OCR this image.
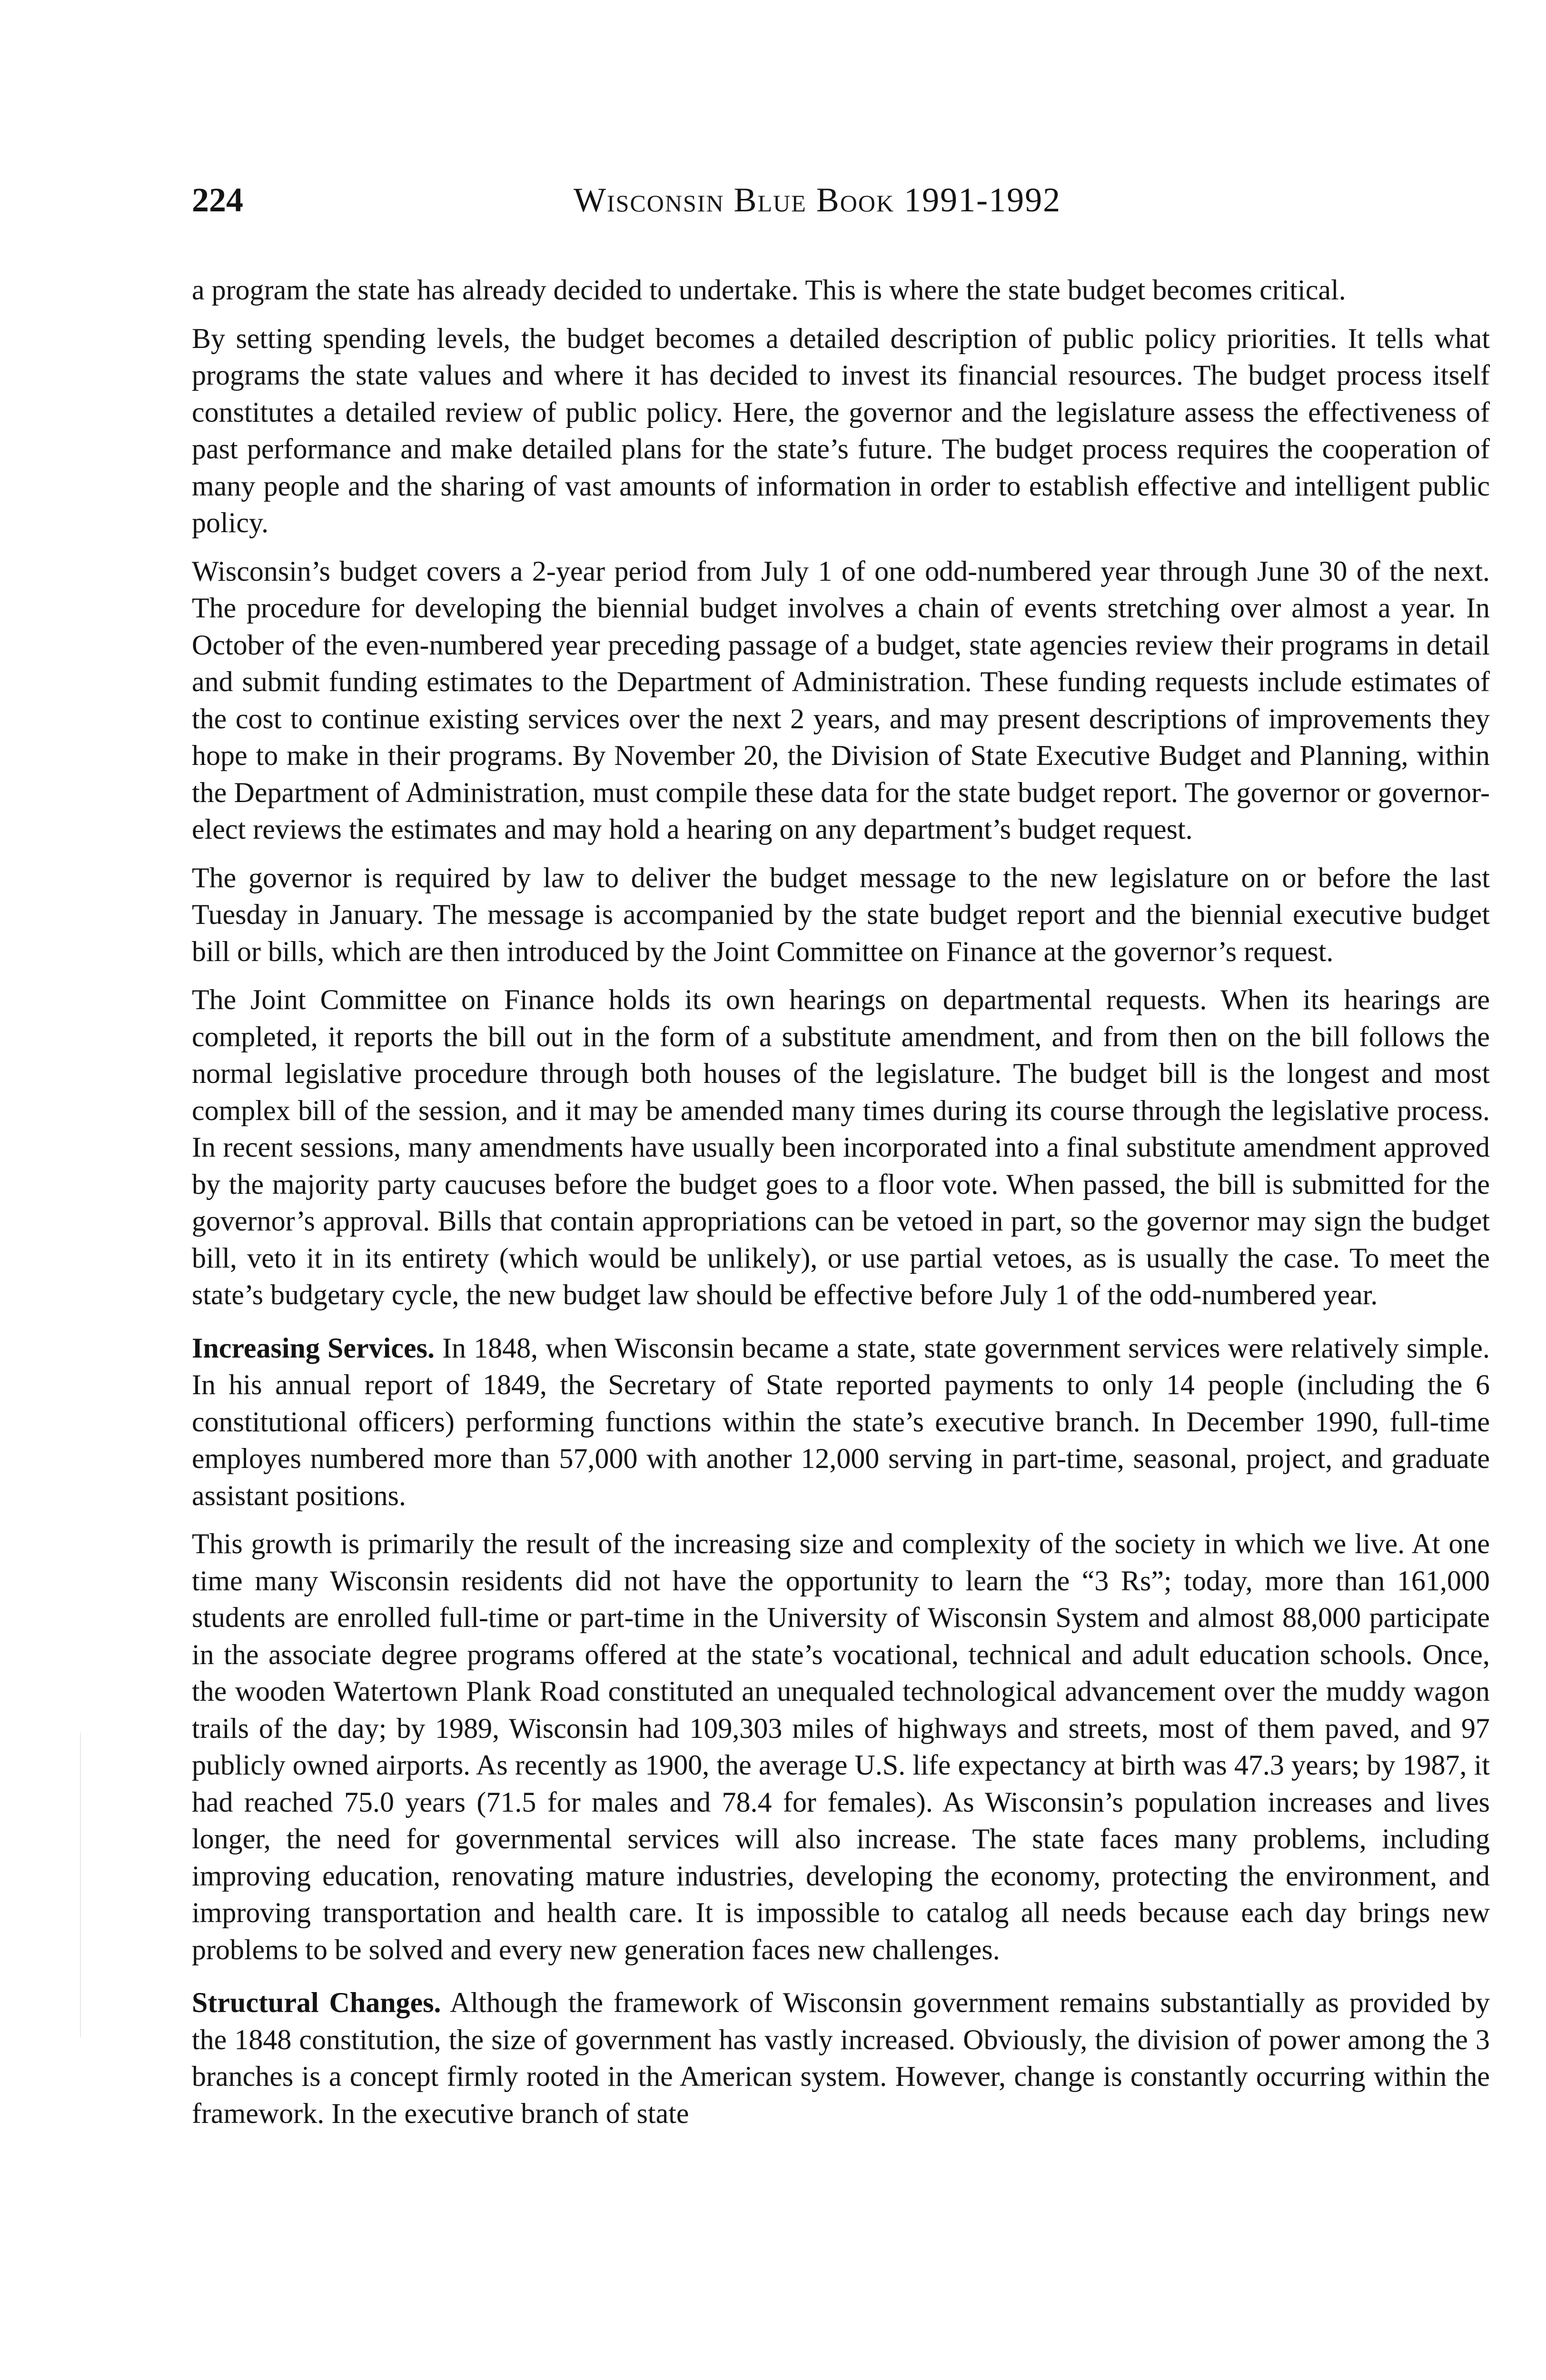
224	Wisconsin Blue Book 1991-1992

a program the state has already decided to undertake. This is where the state budget becomes critical.

By setting spending levels, the budget becomes a detailed description of public policy priorities. It tells what programs the state values and where it has decided to invest its financial resources. The budget process itself constitutes a detailed review of public policy. Here, the governor and the legislature assess the effectiveness of past performance and make detailed plans for the state’s future. The budget process requires the cooperation of many people and the sharing of vast amounts of information in order to establish effective and intelligent public policy.

Wisconsin’s budget covers a 2-year period from July 1 of one odd-numbered year through June 30 of the next. The procedure for developing the biennial budget involves a chain of events stretching over almost a year. In October of the even-numbered year preceding passage of a budget, state agencies review their programs in detail and submit funding estimates to the Department of Administration. These funding requests include estimates of the cost to continue existing services over the next 2 years, and may present descriptions of improvements they hope to make in their programs. By November 20, the Division of State Executive Budget and Planning, within the Department of Administration, must compile these data for the state budget report. The governor or governor-elect reviews the estimates and may hold a hearing on any department’s budget request.

The governor is required by law to deliver the budget message to the new legislature on or before the last Tuesday in January. The message is accompanied by the state budget report and the biennial executive budget bill or bills, which are then introduced by the Joint Committee on Finance at the governor’s request.

The Joint Committee on Finance holds its own hearings on departmental requests. When its hearings are completed, it reports the bill out in the form of a substitute amendment, and from then on the bill follows the normal legislative procedure through both houses of the legislature. The budget bill is the longest and most complex bill of the session, and it may be amended many times during its course through the legislative process. In recent sessions, many amendments have usually been incorporated into a final substitute amendment approved by the majority party caucuses before the budget goes to a floor vote. When passed, the bill is submitted for the governor’s approval. Bills that contain appropriations can be vetoed in part, so the governor may sign the budget bill, veto it in its entirety (which would be unlikely), or use partial vetoes, as is usually the case. To meet the state’s budgetary cycle, the new budget law should be effective before July 1 of the odd-numbered year.

Increasing Services. In 1848, when Wisconsin became a state, state government services were relatively simple. In his annual report of 1849, the Secretary of State reported payments to only 14 people (including the 6 constitutional officers) performing functions within the state’s executive branch. In December 1990, full-time employes numbered more than 57,000 with another 12,000 serving in part-time, seasonal, project, and graduate assistant positions.

This growth is primarily the result of the increasing size and complexity of the society in which we live. At one time many Wisconsin residents did not have the opportunity to learn the “3 Rs”; today, more than 161,000 students are enrolled full-time or part-time in the University of Wisconsin System and almost 88,000 participate in the associate degree programs offered at the state’s vocational, technical and adult education schools. Once, the wooden Watertown Plank Road constituted an unequaled technological advancement over the muddy wagon trails of the day; by 1989, Wisconsin had 109,303 miles of highways and streets, most of them paved, and 97 publicly owned airports. As recently as 1900, the average U.S. life expectancy at birth was 47.3 years; by 1987, it had reached 75.0 years (71.5 for males and 78.4 for females). As Wisconsin’s population increases and lives longer, the need for governmental services will also increase. The state faces many problems, including improving education, renovating mature industries, developing the economy, protecting the environment, and improving transportation and health care. It is impossible to catalog all needs because each day brings new problems to be solved and every new generation faces new challenges.

Structural Changes. Although the framework of Wisconsin government remains substantially as provided by the 1848 constitution, the size of government has vastly increased. Obviously, the division of power among the 3 branches is a concept firmly rooted in the American system. However, change is constantly occurring within the framework. In the executive branch of state
